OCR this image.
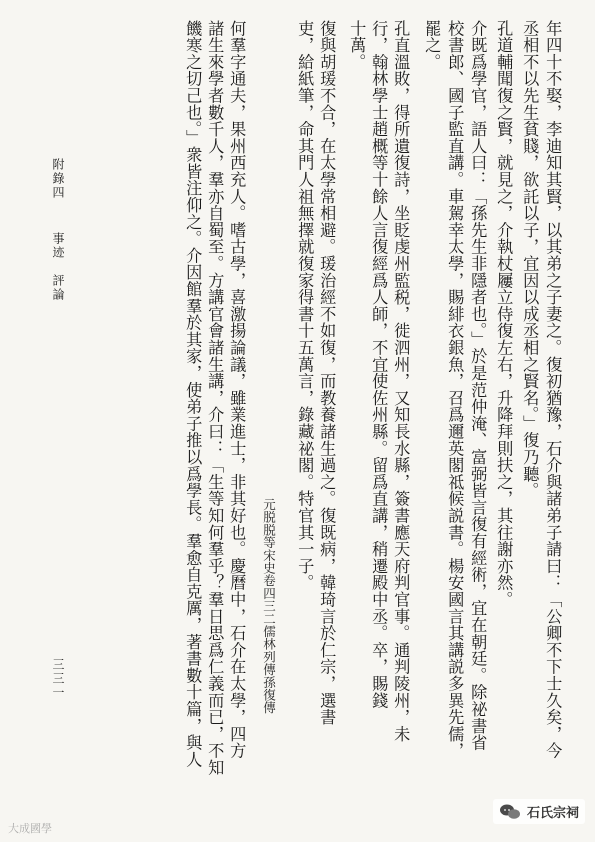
年四十不娶，李迪知其賢，以其弟之子妻之。復初猶豫，石介與諸弟子請曰：「公卿不下士久矣，今
丞相不以先生貧賤，欲託以子，宜因以成丞相之賢名。」復乃聽。
孔道輔聞復之賢，就見之，介執杖屨立侍復左右，升降拜則扶之，其往謝亦然。
介既爲學官，語人曰：「孫先生非隱者也。」於是范仲淹、富弼皆言復有經術，宜在朝廷。除祕書省
校書郎、國子監直講。車駕幸太學，賜緋衣銀魚，召爲邇英閣祗候説書。楊安國言其講説多異先儒，
罷之。
孔直溫敗，得所遺復詩，坐貶虔州監税，徙泗州，又知長水縣，簽書應天府判官事。通判陵州，未
行，翰林學士趙概等十餘人言復經爲人師，不宜使佐州縣。留爲直講，稍遷殿中丞。卒，賜錢
十萬。
復與胡瑗不合，在太學常相避。瑗治經不如復，而教養諸生過之。復既病，韓琦言於仁宗，選書
吏，給紙筆，命其門人祖無擇就復家得書十五萬言，錄藏祕閣。特官其一子。
元脱脱等宋史卷四三二儒林列傳孫復傳
何羣字通夫，果州西充人。嗜古學，喜激揚論議，雖業進士，非其好也。慶曆中，石介在太學，四方
諸生來學者數千人，羣亦自蜀至。方講官會諸生講，介曰：「生等知何羣乎？羣日思爲仁義而已，不知
饑寒之切己也。」衆皆注仰之。介因館羣於其家，使弟子推以爲學長。羣愈自克厲，著書數十篇，與人
附錄四
事迹　評論
三三一
大成國學
石氏宗祠
